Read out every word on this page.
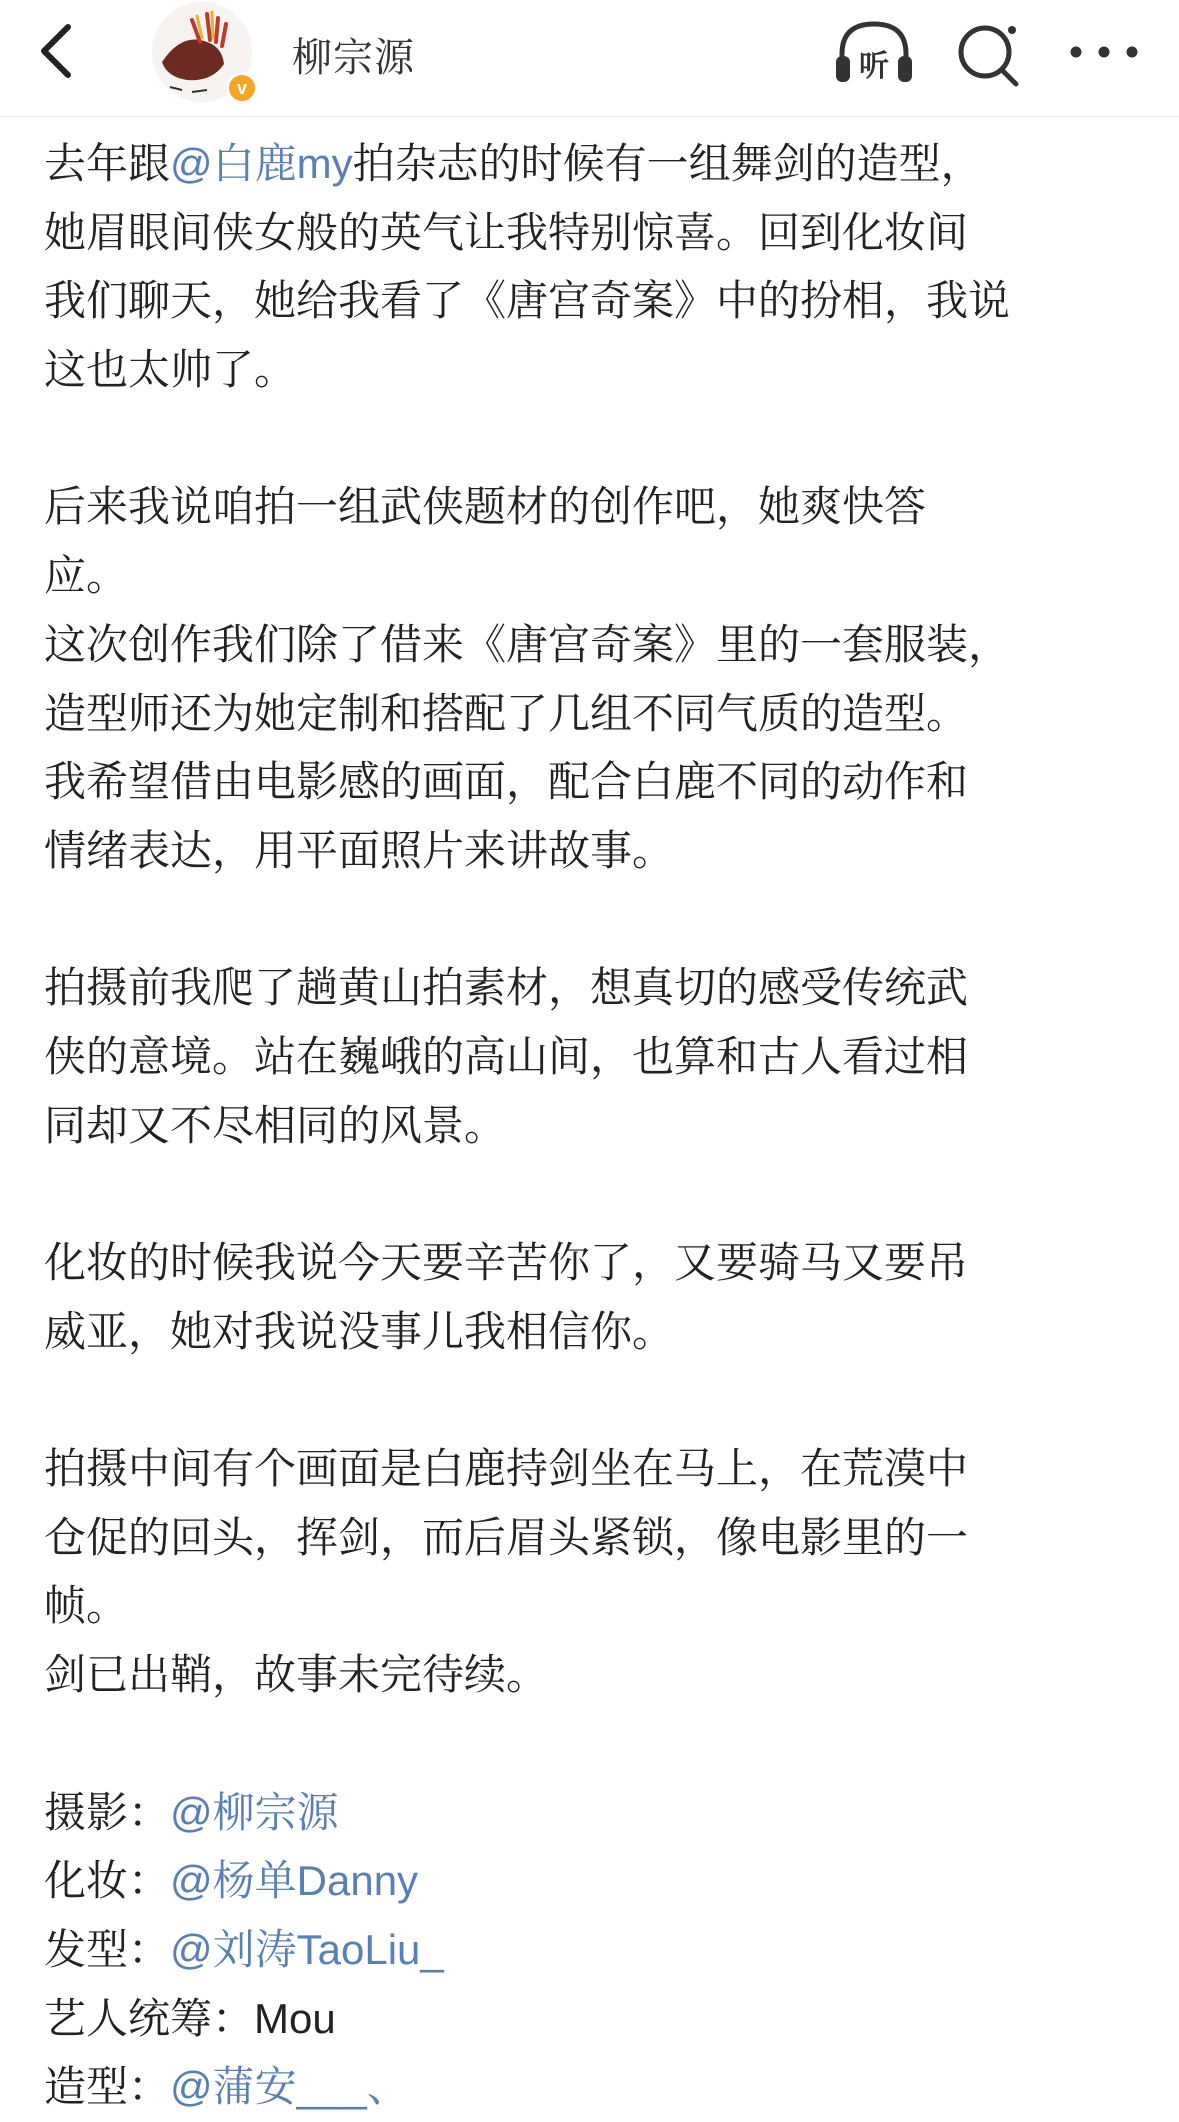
v
柳宗源	听
去年跟@白鹿my拍杂志的时候有一组舞剑的造型，
她眉眼间侠女般的英气让我特别惊喜。回到化妆间
我们聊天，她给我看了《唐宫奇案》中的扮相，我说
这也太帅了。
后来我说咱拍一组武侠题材的创作吧，她爽快答
应。
这次创作我们除了借来《唐宫奇案》里的一套服装，
造型师还为她定制和搭配了几组不同气质的造型。
我希望借由电影感的画面，配合白鹿不同的动作和
情绪表达，用平面照片来讲故事。
拍摄前我爬了趟黄山拍素材，想真切的感受传统武
侠的意境。站在巍峨的高山间，也算和古人看过相
同却又不尽相同的风景。
化妆的时候我说今天要辛苦你了，又要骑马又要吊
威亚，她对我说没事儿我相信你。
拍摄中间有个画面是白鹿持剑坐在马上，在荒漠中
仓促的回头，挥剑，而后眉头紧锁，像电影里的一
帧。
剑已出鞘，故事未完待续。
摄影：@柳宗源
化妆：@杨单Danny
发型：@刘涛TaoLiu_
艺人统筹：Mou
造型：@蒲安___、
